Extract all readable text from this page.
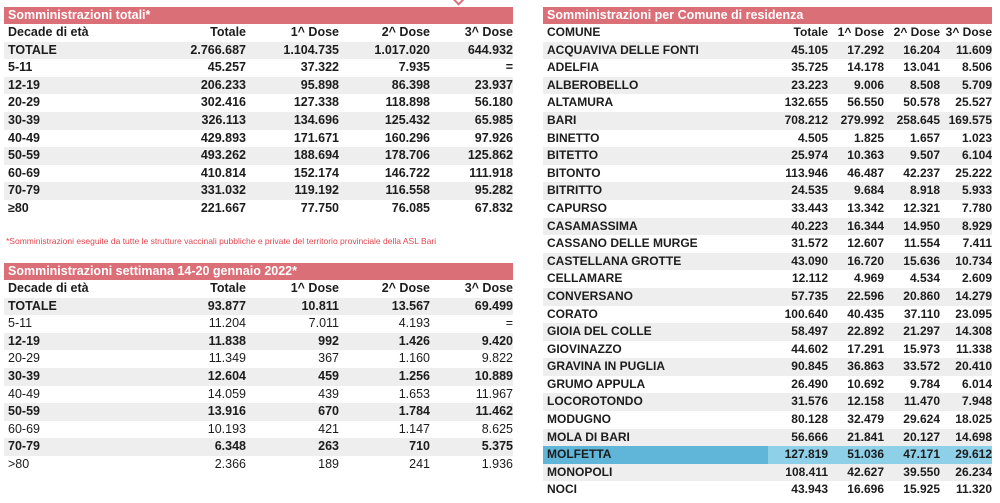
Somministrazioni totali*
Decade di età	Totale	1^ Dose	2^ Dose	3^ Dose
TOTALE	2.766.687	1.104.735	1.017.020	644.932
5-11	45.257	37.322	7.935	=
12-19	206.233	95.898	86.398	23.937
20-29	302.416	127.338	118.898	56.180
30-39	326.113	134.696	125.432	65.985
40-49	429.893	171.671	160.296	97.926
50-59	493.262	188.694	178.706	125.862
60-69	410.814	152.174	146.722	111.918
70-79	331.032	119.192	116.558	95.282
≥80	221.667	77.750	76.085	67.832
*Somministrazioni eseguite da tutte le strutture vaccinali pubbliche e private del territorio provinciale della ASL Bari
Somministrazioni settimana 14-20 gennaio 2022*
Decade di età	Totale	1^ Dose	2^ Dose	3^ Dose
TOTALE	93.877	10.811	13.567	69.499
5-11	11.204	7.011	4.193	=
12-19	11.838	992	1.426	9.420
20-29	11.349	367	1.160	9.822
30-39	12.604	459	1.256	10.889
40-49	14.059	439	1.653	11.967
50-59	13.916	670	1.784	11.462
60-69	10.193	421	1.147	8.625
70-79	6.348	263	710	5.375
>80	2.366	189	241	1.936
Somministrazioni per Comune di residenza
COMUNE	Totale	1^ Dose	2^ Dose	3^ Dose
ACQUAVIVA DELLE FONTI	45.105	17.292	16.204	11.609
ADELFIA	35.725	14.178	13.041	8.506
ALBEROBELLO	23.223	9.006	8.508	5.709
ALTAMURA	132.655	56.550	50.578	25.527
BARI	708.212	279.992	258.645	169.575
BINETTO	4.505	1.825	1.657	1.023
BITETTO	25.974	10.363	9.507	6.104
BITONTO	113.946	46.487	42.237	25.222
BITRITTO	24.535	9.684	8.918	5.933
CAPURSO	33.443	13.342	12.321	7.780
CASAMASSIMA	40.223	16.344	14.950	8.929
CASSANO DELLE MURGE	31.572	12.607	11.554	7.411
CASTELLANA GROTTE	43.090	16.720	15.636	10.734
CELLAMARE	12.112	4.969	4.534	2.609
CONVERSANO	57.735	22.596	20.860	14.279
CORATO	100.640	40.435	37.110	23.095
GIOIA DEL COLLE	58.497	22.892	21.297	14.308
GIOVINAZZO	44.602	17.291	15.973	11.338
GRAVINA IN PUGLIA	90.845	36.863	33.572	20.410
GRUMO APPULA	26.490	10.692	9.784	6.014
LOCOROTONDO	31.576	12.158	11.470	7.948
MODUGNO	80.128	32.479	29.624	18.025
MOLA DI BARI	56.666	21.841	20.127	14.698
MOLFETTA	127.819	51.036	47.171	29.612
MONOPOLI	108.411	42.627	39.550	26.234
NOCI	43.943	16.696	15.925	11.320
